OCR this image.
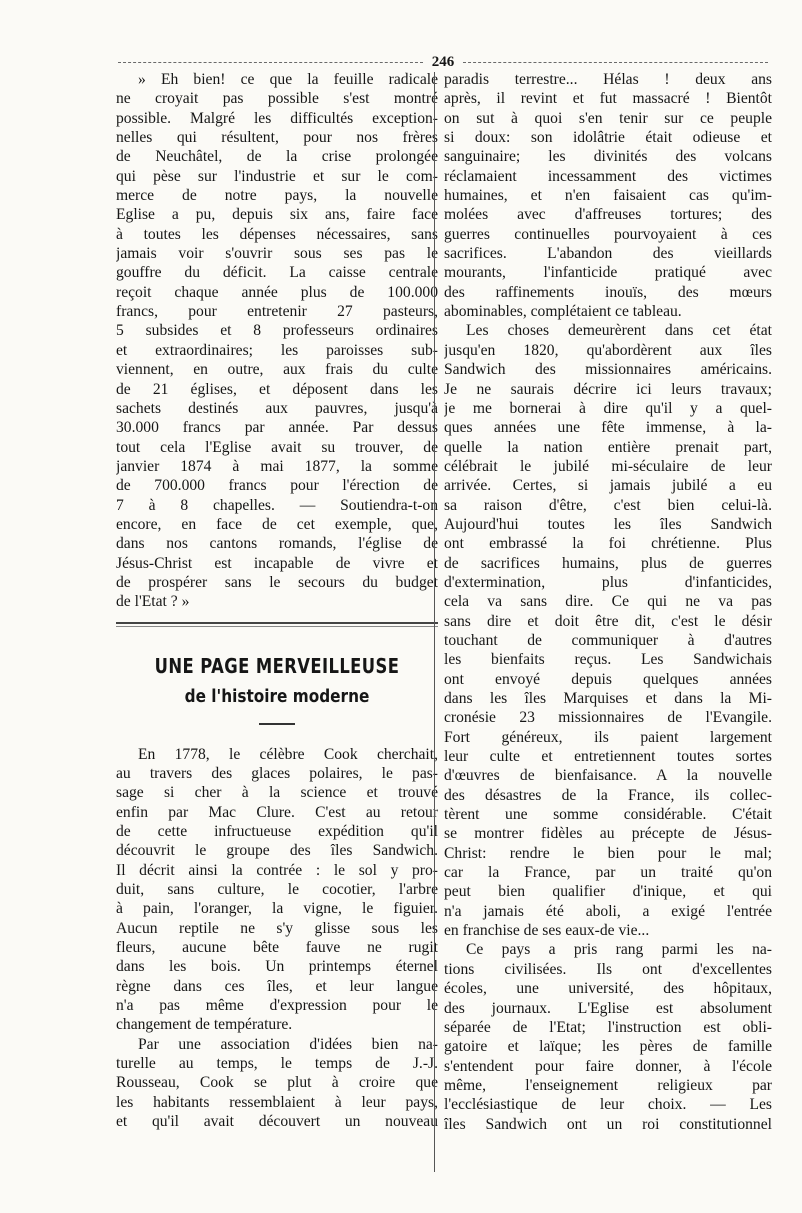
246
» Eh bien! ce que la feuille radicale
ne croyait pas possible s'est montré
possible. Malgré les difficultés exception-
nelles qui résultent, pour nos frères
de Neuchâtel, de la crise prolongée
qui pèse sur l'industrie et sur le com-
merce de notre pays, la nouvelle
Eglise a pu, depuis six ans, faire face
à toutes les dépenses nécessaires, sans
jamais voir s'ouvrir sous ses pas le
gouffre du déficit. La caisse centrale
reçoit chaque année plus de 100.000
francs, pour entretenir 27 pasteurs,
5 subsides et 8 professeurs ordinaires
et extraordinaires; les paroisses sub-
viennent, en outre, aux frais du culte
de 21 églises, et déposent dans les
sachets destinés aux pauvres, jusqu'à
30.000 francs par année. Par dessus
tout cela l'Eglise avait su trouver, de
janvier 1874 à mai 1877, la somme
de 700.000 francs pour l'érection de
7 à 8 chapelles. — Soutiendra-t-on
encore, en face de cet exemple, que,
dans nos cantons romands, l'église de
Jésus-Christ est incapable de vivre et
de prospérer sans le secours du budget
de l'Etat ? »
UNE PAGE MERVEILLEUSE
de l'histoire moderne
En 1778, le célèbre Cook cherchait,
au travers des glaces polaires, le pas-
sage si cher à la science et trouvé
enfin par Mac Clure. C'est au retour
de cette infructueuse expédition qu'il
découvrit le groupe des îles Sandwich.
Il décrit ainsi la contrée : le sol y pro-
duit, sans culture, le cocotier, l'arbre
à pain, l'oranger, la vigne, le figuier.
Aucun reptile ne s'y glisse sous les
fleurs, aucune bête fauve ne rugit
dans les bois. Un printemps éternel
règne dans ces îles, et leur langue
n'a pas même d'expression pour le
changement de température.
Par une association d'idées bien na-
turelle au temps, le temps de J.-J.
Rousseau, Cook se plut à croire que
les habitants ressemblaient à leur pays,
et qu'il avait découvert un nouveau
paradis terrestre... Hélas ! deux ans
après, il revint et fut massacré ! Bientôt
on sut à quoi s'en tenir sur ce peuple
si doux: son idolâtrie était odieuse et
sanguinaire; les divinités des volcans
réclamaient incessamment des victimes
humaines, et n'en faisaient cas qu'im-
molées avec d'affreuses tortures; des
guerres continuelles pourvoyaient à ces
sacrifices. L'abandon des vieillards
mourants, l'infanticide pratiqué avec
des raffinements inouïs, des mœurs
abominables, complétaient ce tableau.
Les choses demeurèrent dans cet état
jusqu'en 1820, qu'abordèrent aux îles
Sandwich des missionnaires américains.
Je ne saurais décrire ici leurs travaux;
je me bornerai à dire qu'il y a quel-
ques années une fête immense, à la-
quelle la nation entière prenait part,
célébrait le jubilé mi-séculaire de leur
arrivée. Certes, si jamais jubilé a eu
sa raison d'être, c'est bien celui-là.
Aujourd'hui toutes les îles Sandwich
ont embrassé la foi chrétienne. Plus
de sacrifices humains, plus de guerres
d'extermination, plus d'infanticides,
cela va sans dire. Ce qui ne va pas
sans dire et doit être dit, c'est le désir
touchant de communiquer à d'autres
les bienfaits reçus. Les Sandwichais
ont envoyé depuis quelques années
dans les îles Marquises et dans la Mi-
cronésie 23 missionnaires de l'Evangile.
Fort généreux, ils paient largement
leur culte et entretiennent toutes sortes
d'œuvres de bienfaisance. A la nouvelle
des désastres de la France, ils collec-
tèrent une somme considérable. C'était
se montrer fidèles au précepte de Jésus-
Christ: rendre le bien pour le mal;
car la France, par un traité qu'on
peut bien qualifier d'inique, et qui
n'a jamais été aboli, a exigé l'entrée
en franchise de ses eaux-de vie...
Ce pays a pris rang parmi les na-
tions civilisées. Ils ont d'excellentes
écoles, une université, des hôpitaux,
des journaux. L'Eglise est absolument
séparée de l'Etat; l'instruction est obli-
gatoire et laïque; les pères de famille
s'entendent pour faire donner, à l'école
même, l'enseignement religieux par
l'ecclésiastique de leur choix. — Les
îles Sandwich ont un roi constitutionnel
